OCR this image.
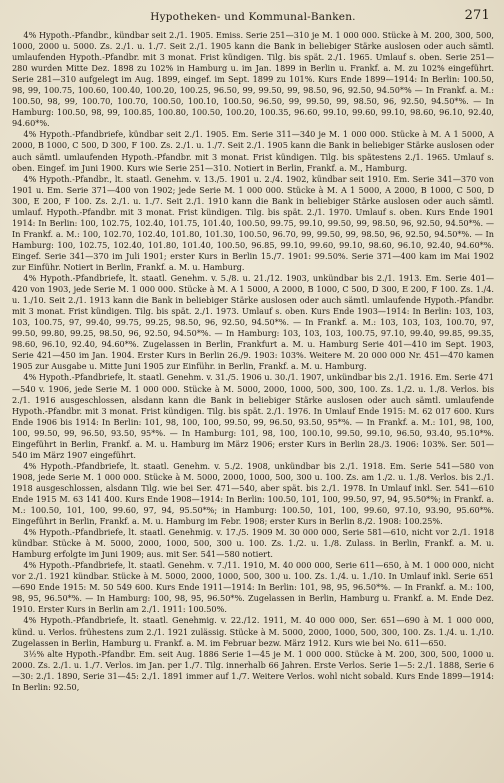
Hypotheken- und Kommunal-Banken.	271

4% Hypoth.-Pfandbr., kündbar seit 2./1. 1905. Emiss. Serie 251—310 je M. 1 000 000. Stücke à M. 200, 300, 500, 1000, 2000 u. 5000. Zs. 2./1. u. 1./7. Seit 2./1. 1905 kann die Bank in beliebiger Stärke auslosen oder auch sämtl. umlaufenden Hypoth.-Pfandbr. mit 3 monat. Frist kündigen. Tilg. bis spät. 2./1. 1965. Umlauf s. oben. Serie 251—280 wurden Mitte Dez. 1898 zu 102% in Hamburg u. im Jan. 1899 in Berlin u. Frankf. a. M. zu 102% eingeführt. Serie 281—310 aufgelegt im Aug. 1899, eingef. im Sept. 1899 zu 101%. Kurs Ende 1899—1914: In Berlin: 100.50, 98, 99, 100.75, 100.60, 100.40, 100.20, 100.25, 96.50, 99, 99.50, 99, 98.50, 96, 92.50, 94.50*% — In Frankf. a. M.: 100.50, 98, 99, 100.70, 100.70, 100.50, 100.10, 100.50, 96.50, 99, 99.50, 99, 98.50, 96, 92.50, 94.50*%. — In Hamburg: 100.50, 98, 99, 100.85, 100.80, 100.50, 100.20, 100.35, 96.60, 99.10, 99.60, 99.10, 98.60, 96.10, 92.40, 94.60*%.

4% Hypoth.-Pfandbriefe, kündbar seit 2./1. 1905. Em. Serie 311—340 je M. 1 000 000. Stücke à M. A 1 5000, A 2000, B 1000, C 500, D 300, F 100. Zs. 2./1. u. 1./7. Seit 2./1. 1905 kann die Bank in beliebiger Stärke auslosen oder auch sämtl. umlaufenden Hypoth.-Pfandbr. mit 3 monat. Frist kündigen. Tilg. bis spätestens 2./1. 1965. Umlauf s. oben. Eingef. im Juni 1900. Kurs wie Serie 251—310. Notiert in Berlin, Frankf. a. M., Hamburg.

4% Hypoth.-Pfandbr., lt. staatl. Genehm. v. 13./5. 1901 u. 2./4. 1902, kündbar seit 1910. Em. Serie 341—370 von 1901 u. Em. Serie 371—400 von 1902; jede Serie M. 1 000 000. Stücke à M. A 1 5000, A 2000, B 1000, C 500, D 300, E 200, F 100. Zs. 2./1. u. 1./7. Seit 2./1. 1910 kann die Bank in beliebiger Stärke auslosen oder auch sämtl. umlauf. Hypoth.-Pfandbr. mit 3 monat. Frist kündigen. Tilg. bis spät. 2./1. 1970. Umlauf s. oben. Kurs Ende 1901 1914: In Berlin: 100, 102.75, 102.40, 101.75, 101.40, 100.50, 99.75, 99.10, 99.50, 99, 98.50, 96, 92.50, 94.50*%. — In Frankf. a. M.: 100, 102.70, 102.40, 101.80, 101.30, 100.50, 96.70, 99, 99.50, 99, 98.50, 96, 92.50, 94.50*%. — In Hamburg: 100, 102.75, 102.40, 101.80, 101.40, 100.50, 96.85, 99.10, 99.60, 99.10, 98.60, 96.10, 92.40, 94.60*%. Eingef. Serie 341—370 im Juli 1901; erster Kurs in Berlin 15./7. 1901: 99.50%. Serie 371—400 kam im Mai 1902 zur Einführ. Notiert in Berlin, Frankf. a. M. u. Hamburg.

4% Hypoth.-Pfandbriefe, lt. staatl. Genehm. v. 5./8. u. 21./12. 1903, unkündbar bis 2./1. 1913. Em. Serie 401—420 von 1903, jede Serie M. 1 000 000. Stücke à M. A 1 5000, A 2000, B 1000, C 500, D 300, E 200, F 100. Zs. 1./4. u. 1./10. Seit 2./1. 1913 kann die Bank in beliebiger Stärke auslosen oder auch sämtl. umlaufende Hypoth.-Pfandbr. mit 3 monat. Frist kündigen. Tilg. bis spät. 2./1. 1973. Umlauf s. oben. Kurs Ende 1903—1914: In Berlin: 103, 103, 103, 100.75, 97, 99.40, 99.75, 99.25, 98.50, 96, 92.50, 94.50*%. — In Frankf. a. M.: 103, 103, 103, 100.70, 97, 99.50, 99.80, 99.25, 98.50, 96, 92.50, 94.50*%. — In Hamburg: 103, 103, 103, 100.75, 97.10, 99.40, 99.85, 99.35, 98.60, 96.10, 92.40, 94.60*%. Zugelassen in Berlin, Frankfurt a. M. u. Hamburg Serie 401—410 im Sept. 1903, Serie 421—450 im Jan. 1904. Erster Kurs in Berlin 26./9. 1903: 103%. Weitere M. 20 000 000 Nr. 451—470 kamen 1905 zur Ausgabe u. Mitte Juni 1905 zur Einführ. in Berlin, Frankf. a. M. u. Hamburg.

4% Hypoth.-Pfandbriefe, lt. staatl. Genehm. v. 31./5. 1906 u. 30./1. 1907, unkündbar bis 2./1. 1916. Em. Serie 471—540 v. 1906, jede Serie M. 1 000 000. Stücke à M. 5000, 2000, 1000, 500, 300, 100. Zs. 1./2. u. 1./8. Verlos. bis 2./1. 1916 ausgeschlossen, alsdann kann die Bank in beliebiger Stärke auslosen oder auch sämtl. umlaufende Hypoth.-Pfandbr. mit 3 monat. Frist kündigen. Tilg. bis spät. 2./1. 1976. In Umlauf Ende 1915: M. 62 017 600. Kurs Ende 1906 bis 1914: In Berlin: 101, 98, 100, 100, 99.50, 99, 96.50, 93.50, 95*%. — In Frankf. a. M.: 101, 98, 100, 100, 99.50, 99, 96.50, 93.50, 95*%. — In Hamburg: 101, 98, 100, 100.10, 99.50, 99.10, 96.50, 93.40, 95.10*%. Eingeführt in Berlin, Frankf. a. M. u. Hamburg im März 1906; erster Kurs in Berlin 28./3. 1906: 103%. Ser. 501—540 im März 1907 eingeführt.

4% Hypoth.-Pfandbriefe, lt. staatl. Genehm. v. 5./2. 1908, unkündbar bis 2./1. 1918. Em. Serie 541—580 von 1908, jede Serie M. 1 000 000. Stücke à M. 5000, 2000, 1000, 500, 300 u. 100. Zs. am 1./2. u. 1./8. Verlos. bis 2./1. 1918 ausgeschlossen, alsdann Tilg. wie bei Ser. 471—540, aber spät. bis 2./1. 1978. In Umlauf inkl. Ser. 541—610 Ende 1915 M. 63 141 400. Kurs Ende 1908—1914: In Berlin: 100.50, 101, 100, 99.50, 97, 94, 95.50*%; in Frankf. a. M.: 100.50, 101, 100, 99.60, 97, 94, 95.50*%; in Hamburg: 100.50, 101, 100, 99.60, 97.10, 93.90, 95.60*%. Eingeführt in Berlin, Frankf. a. M. u. Hamburg im Febr. 1908; erster Kurs in Berlin 8./2. 1908: 100.25%.

4% Hypoth.-Pfandbriefe, lt. staatl. Genehmig. v. 17./5. 1909 M. 30 000 000, Serie 581—610, nicht vor 2./1. 1918 kündbar. Stücke à M. 5000, 2000, 1000, 500, 300 u. 100. Zs. 1./2. u. 1./8. Zulass. in Berlin, Frankf. a. M. u. Hamburg erfolgte im Juni 1909; aus. mit Ser. 541—580 notiert.

4% Hypoth.-Pfandbriefe, lt. staatl. Genehm. v. 7./11. 1910, M. 40 000 000, Serie 611—650, à M. 1 000 000, nicht vor 2./1. 1921 kündbar. Stücke à M. 5000, 2000, 1000, 500, 300 u. 100. Zs. 1./4. u. 1./10. In Umlauf inkl. Serie 651—690 Ende 1915: M. 50 549 600. Kurs Ende 1911—1914: In Berlin: 101, 98, 95, 96.50*%. — In Frankf. a. M.: 100, 98, 95, 96.50*%. — In Hamburg: 100, 98, 95, 96.50*%. Zugelassen in Berlin, Hamburg u. Frankf. a. M. Ende Dez. 1910. Erster Kurs in Berlin am 2./1. 1911: 100.50%.

4% Hypoth.-Pfandbriefe, lt. staatl. Genehmig. v. 22./12. 1911, M. 40 000 000, Ser. 651—690 à M. 1 000 000, künd. u. Verlos. frühestens zum 2./1. 1921 zulässig. Stücke à M. 5000, 2000, 1000, 500, 300, 100. Zs. 1./4. u. 1./10. Zugelassen in Berlin, Hamburg u. Frankf. a. M. im Februar bezw. März 1912. Kurs wie bei No. 611—650.

3½% alte Hypoth.-Pfandbr. Em. seit Aug. 1886 Serie 1—45 je M. 1 000 000. Stücke à M. 200, 300, 500, 1000 u. 2000. Zs. 2./1. u. 1./7. Verlos. im Jan. per 1./7. Tilg. innerhalb 66 Jahren. Erste Verlos. Serie 1—5: 2./1. 1888, Serie 6—30: 2./1. 1890, Serie 31—45: 2./1. 1891 immer auf 1./7. Weitere Verlos. wohl nicht sobald. Kurs Ende 1899—1914: In Berlin: 92.50,
